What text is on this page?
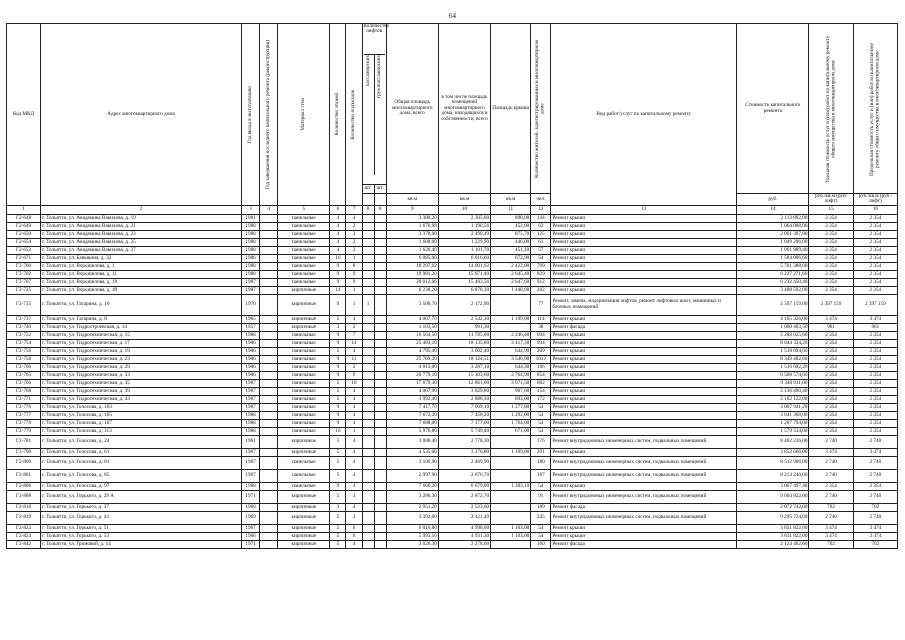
64
Код МКД	Адрес многоквартирного дома	Год ввода в эксплуатацию	Год завершения последнего капитального ремонта (реконструкции)	Материал стен	Количество этажей	Количество подъездов	Количество лифтов
пассажирских грузопассажирских		Общая площадь многоквартирного дома, всего	в том числе площадь помещений многоквартирного дома, находящихся в собственности, всего	Площадь крыши	Количество жителей, зарегистрированных в многоквартирном доме	Вид работ/услуг по капитальному ремонту	Стоимость капитального ремонта	Удельная стоимость услуг и (или) работ по капитальному ремонту общего имущества в многоквартирном доме	Предельная стоимость услуг и (или) работ по капитальному ремонту общего имущества в многоквартирном доме

							шт.	шт.								
									кв.м	кв.м	кв.м	чел.		руб.	руб./кв.м (руб/лифт)	руб./кв.м (руб./лифт)
1	2	3	4	5	6	7	8	8	9	10	11	12	13	14	15	16
Г2-648	г. Тольятти, ул. Академика Вавилова, д. 19	1981		панельные	4	4			3 380,20	2 305,60	898,00	144	Ремонт крыши	2 113 892,00	2 354	2 354
Г2-649	г. Тольятти, ул. Академика Вавилова, д. 21	1988		панельные	4	2			1 676,98	1 190,56	452,00	62	Ремонт крыши	1 064 008,00	2 354	2 354
Г2-650	г. Тольятти, ул. Академика Вавилова, д. 23	1988		панельные	4	3			3 378,00	2 490,49	875,70	125	Ремонт крыши	2 061 397,80	2 354	2 354
Г2-654	г. Тольятти, ул. Академика Вавилова, д. 25	1988		панельные	4	2			1 688,00	1 229,90	446,00	61	Ремонт крыши	1 049 296,00	2 354	2 354
Г2-652	г. Тольятти, ул. Академика Вавилова, д. 27	1988		панельные	4	2			1 620,40	1 101,70	451,10	57	Ремонт крыши	1 061 889,40	2 354	2 354
Г2-671	г. Тольятти, ул. Баныкина, д. 32	1986		панельные	16	1			6 085,00	6 016,60	672,90	54	Ремонт крыши	1 584 006,60	2 354	2 354
Г2-700	г. Тольятти, ул. Ворошилова, д. 1	1988		панельные	9	8			18 297,02	14 001,62	2 422,00	799	Ремонт крыши	5 701 388,00	2 354	2 354
Г2-702	г. Тольятти, ул. Ворошилова, д. 11	1988		панельные	9	9			19 981,20	15 071,40	2 645,40	829	Ремонт крыши	6 227 271,60	2 354	2 354
Г2-707	г. Тольятти, ул. Ворошилова, д. 19	1987		панельные	9	9			20 012,06	15 483,56	2 647,60	912	Ремонт крыши	6 232 450,40	2 354	2 354
Г2-725	г. Тольятти, ул. Ворошилова, д. 49	1987		кирпичные	14	1			6 230,20	6 878,30	1 448,00	202	Ремонт крыши	3 408 592,00	2 354	2 354
Г2-735	г. Тольятти, ул. Гагарина, д. 10	1970		кирпичные	9	1	1		3 500,70	2 172,90		77	Ремонт, замена, модернизация лифтов, ремонт лифтовых шахт, машинных и блочных помещений	2 397 159,00	2 397 159	2 397 159
Г2-737	г. Тольятти, ул. Гагарина, д. 8	1965		кирпичные	5	4			4 007,70	2 542,30	1 199,00	114	Ремонт крыши	4 165 326,00	3 474	3 474
Г2-740	г. Тольятти, ул. Гидростроевская, д. 14	1957		кирпичные	3	2			1 103,50	991,30		38	Ремонт фасада	1 060 463,50	961	961
Г2-752	г. Тольятти, ул. Гидротехническая, д. 15	1988		панельные	9	7			16 564,50	11 785,00	2 246,40	694	Ремонт крыши	5 288 025,60	2 354	2 354
Г2-754	г. Тольятти, ул. Гидротехническая, д. 17	1986		панельные	9	14			25 483,10	18 135,80	3 417,30	994	Ремонт крыши	8 044 324,20	2 354	2 354
Г2-756	г. Тольятти, ул. Гидротехническая, д. 19	1986		панельные	5	4			4 795,40	3 602,40	644,90	209	Ремонт крыши	1 518 094,60	2 354	2 354
Г2-758	г. Тольятти, ул. Гидротехническая, д. 23	1986		панельные	9	11			25 769,20	18 124,51	3 546,90	1013	Ремонт крыши	8 349 402,60	2 354	2 354
Г2-760	г. Тольятти, ул. Гидротехническая, д. 29	1986		панельные	9	2			4 813,00	3 287,10	644,30	196	Ремонт крыши	1 516 682,20	2 354	2 354
Г2-765	г. Тольятти, ул. Гидротехническая, д. 33	1986		панельные	9	9			20 779,10	15 303,60	2 764,90	854	Ремонт крыши	6 508 574,60	2 354	2 354
Г2-766	г. Тольятти, ул. Гидротехническая, д. 35	1987		панельные	5	18			17 679,30	12 861,00	3 971,50	682	Ремонт крыши	9 348 911,00	2 354	2 354
Г2-768	г. Тольятти, ул. Гидротехническая, д. 39	1987		панельные	5	4			4 067,90	3 029,80	907,60	154	Ремонт крыши	2 136 490,40	2 354	2 354
Г2-771	г. Тольятти, ул. Гидротехническая, д. 43	1987		панельные	5	4			3 992,40	2 888,30	893,00	172	Ремонт крыши	2 102 122,00	2 354	2 354
Г2-776	г. Тольятти, ул. Голосова, д. 103	1987		панельные	9	4			7 417,70	7 069,10	1 277,80	54	Ремонт крыши	3 007 941,20	2 354	2 354
Г2-777	г. Тольятти, ул. Голосова, д. 105	1988		панельные	9	4			7 672,20	7 458,20	1 292,00	54	Ремонт крыши	3 041 368,00	2 354	2 354
Г2-778	г. Тольятти, ул. Голосова, д. 107	1988		панельные	9	4			7 688,00	7 377,00	1 764,00	54	Ремонт крыши	1 207 794,00	2 354	2 354
Г2-779	г. Тольятти, ул. Голосова, д. 113	1988		панельные	16	1			5 976,80	5 749,40	671,00	54	Ремонт крыши	1 579 534,00	2 354	2 354
Г2-781	г. Тольятти, ул. Голосова, д. 24	1961		кирпичные	5	4			3 088,40	2 778,30		176	Ремонт внутридомовых инженерных систем, подвальных помещений	8 462 216,00	2 740	2 740
Г2-790	г. Тольятти, ул. Голосова, д. 61	1967		кирпичные	5	4			4 535,00	3 276,80	1 109,00	201	Ремонт крыши	3 852 666,00	3 474	3 474
Г2-800	г. Тольятти, ул. Голосова, д. 81	1967		панельные	5	4			3 106,90	2 469,90		180	Ремонт внутридомовых инженерных систем, подвальных помещений	8 512 906,00	2 740	2 740
Г2-801	г. Тольятти, ул. Голосова, д. 85	1967		панельные	5	4			2 997,90	2 676,70		187	Ремонт внутридомовых инженерных систем, подвальных помещений	8 214 246,00	2 740	2 740
Г2-806	г. Тольятти, ул. Голосова, д. 97	1988		панельные	9	4			7 666,20	6 679,00	1 303,10	54	Ремонт крыши	3 067 497,40	2 354	2 354
Г2-808	г. Тольятти, ул. Горького, д. 29 А	1971		кирпичные	5	3			3 286,30	2 872,70		91	Ремонт внутридомовых инженерных систем, подвальных помещений	9 004 822,00	2 740	2 740
Г2-818	г. Тольятти, ул. Горького, д. 37	1968		кирпичные	3	4			2 951,20	2 523,60		189	Ремонт фасада	2 072 742,00	702	702
Г2-819	г. Тольятти, ул. Горького, д. 43	1969		кирпичные	5	3			3 392,60	2 421,49		245	Ремонт внутридомовых инженерных систем, подвальных помещений	9 295 724,00	2 740	2 740
Г2-823	г. Тольятти, ул. Горького, д. 51	1967		кирпичные	5	6			6 016,80	4 998,60	1 103,00	54	Ремонт крыши	3 831 822,00	3 474	3 474
Г2-824	г. Тольятти, ул. Горького, д. 53	1966		кирпичные	5	6			5 993,10	4 931,30	1 103,00	54	Ремонт крыши	3 831 822,00	3 474	3 474
Г2-842	г. Тольятти, ул. Громовой, д. 14	1971		кирпичные	5	4			3 026,30	2 278,60		160	Ремонт фасада	2 124 462,60	702	702
